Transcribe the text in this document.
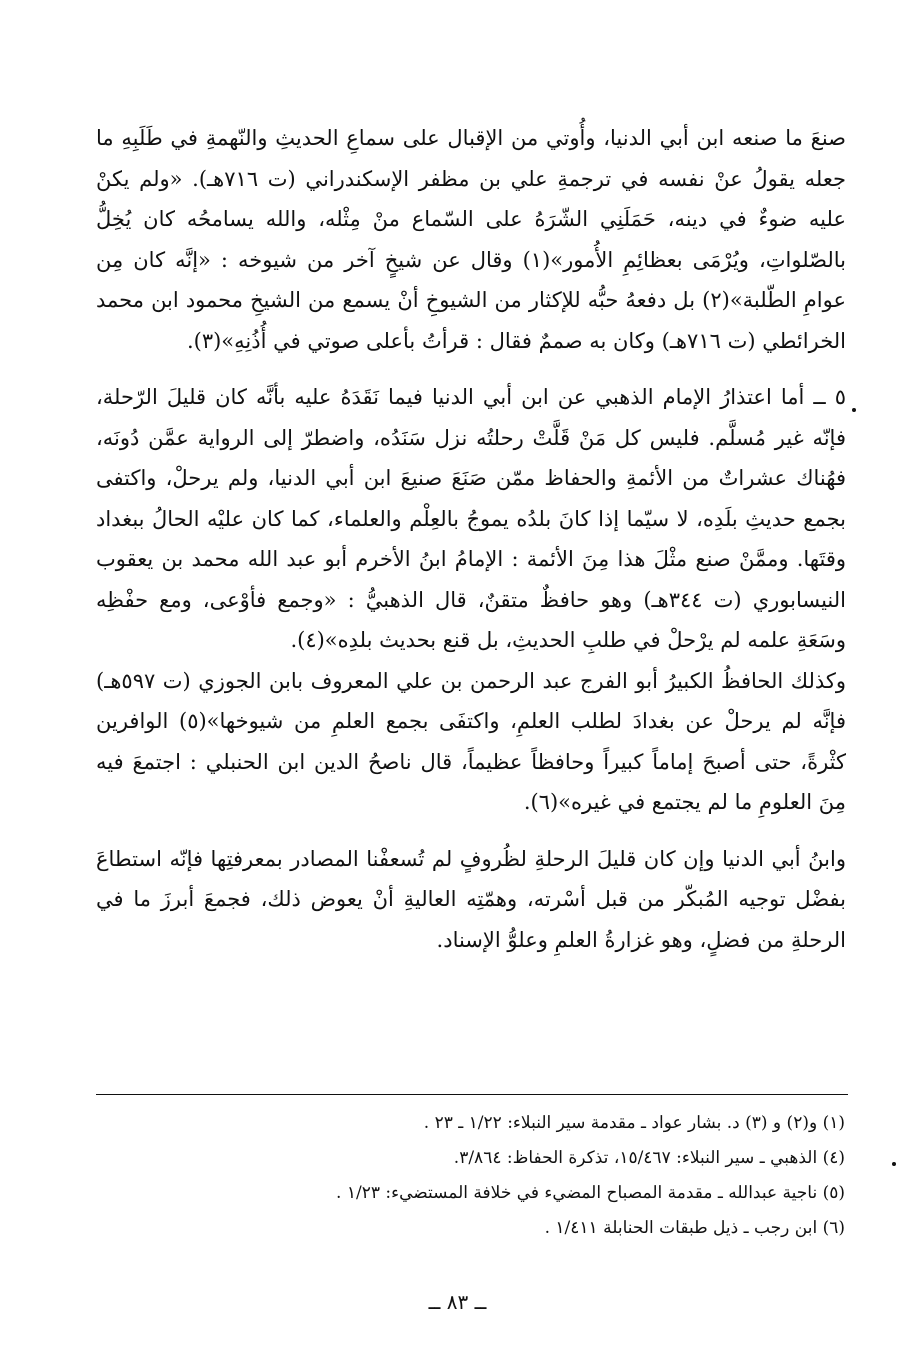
صنعَ ما صنعه ابن أبي الدنيا، وأُوتي من الإقبال على سماعِ الحديثِ والنّهمةِ في طَلَبِهِ ما جعله يقولُ عنْ نفسه في ترجمةِ علي بن مظفر الإسكندراني (ت ٧١٦هـ). «ولم يكنْ عليه ضوءٌ في دينه، حَمَلَنِي الشّرَهُ على السّماع منْ مِثْله، والله يسامحُه كان يُخِلُّ بالصّلواتِ، ويُرْمَى بعظائِمِ الأُمور»(١) وقال عن شيخٍ آخر من شيوخه : «إنَّه كان مِن عوامِ الطّلبة»(٢) بل دفعهُ حبُّه للإكثار من الشيوخِ أنْ يسمع من الشيخِ محمود ابن محمد الخرائطي (ت ٧١٦هـ) وكان به صممٌ فقال : قرأتُ بأعلى صوتي في أُذُنِهِ»(٣).

٥ ــ أما اعتذارُ الإمام الذهبي عن ابن أبي الدنيا فيما نَقَدَهُ عليه بأنَّه كان قليلَ الرّحلة، فإنّه غير مُسلَّم. فليس كل مَنْ قَلَّتْ رحلتُه نزل سَنَدُه، واضطرّ إلى الرواية عمَّن دُونَه، فهُناك عشراتٌ من الأئمةِ والحفاظ ممّن صَنَعَ صنيعَ ابن أبي الدنيا، ولم يرحلْ، واكتفى بجمع حديثِ بلَدِه، لا سيّما إذا كانَ بلدُه يموجُ بالعِلْم والعلماء، كما كان عليْه الحالُ ببغداد وقتَها. وممَّنْ صنع مثْلَ هذا مِنَ الأئمة : الإمامُ ابنُ الأخرم أبو عبد الله محمد بن يعقوب النيسابوري (ت ٣٤٤هـ) وهو حافظٌ متقنٌ، قال الذهبيُّ : «وجمع فأوْعى، ومع حفْظِه وسَعَةِ علمه لم يرْحلْ في طلبِ الحديثِ، بل قنع بحديث بلدِه»(٤).

وكذلك الحافظُ الكبيرُ أبو الفرج عبد الرحمن بن علي المعروف بابن الجوزي (ت ٥٩٧هـ) فإنَّه لم يرحلْ عن بغدادَ لطلب العلمِ، واكتفَى بجمع العلمِ من شيوخها»(٥) الوافرين كثْرةً، حتى أصبحَ إماماً كبيراً وحافظاً عظيماً، قال ناصحُ الدين ابن الحنبلي : اجتمعَ فيه مِنَ العلومِ ما لم يجتمع في غيره»(٦).

وابنُ أبي الدنيا وإن كان قليلَ الرحلةِ لظُروفٍ لم تُسعفْنا المصادر بمعرفتِها فإنّه استطاعَ بفضْل توجيه المُبكّر من قبل أسْرته، وهمّتِه العاليةِ أنْ يعوض ذلك، فجمعَ أبرزَ ما في الرحلةِ من فضلٍ، وهو غزارةُ العلمِ وعلوُّ الإسناد.

(١) و(٢) و (٣) د. بشار عواد ـ مقدمة سير النبلاء: ١/٢٢ ـ ٢٣ .
(٤) الذهبي ـ سير النبلاء: ١٥/٤٦٧، تذكرة الحفاظ: ٣/٨٦٤.
(٥) ناجية عبدالله ـ مقدمة المصباح المضيء في خلافة المستضيء: ١/٢٣ .
(٦) ابن رجب ـ ذيل طبقات الحنابلة ١/٤١١ .
ــ ٨٣ ــ
